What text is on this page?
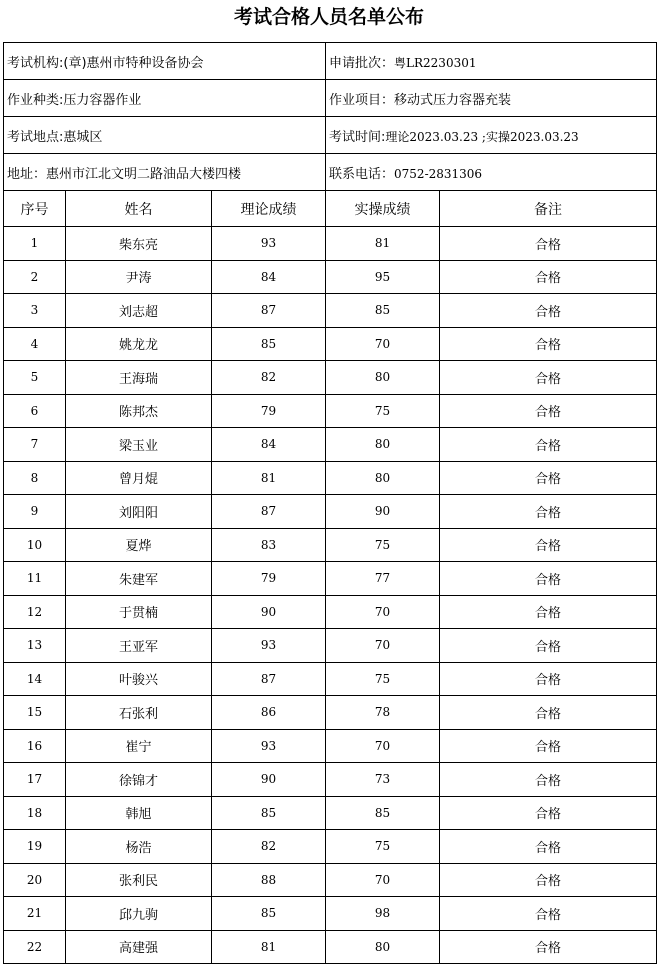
考试合格人员名单公布
考试机构:(章)惠州市特种设备协会			申请批次：粤LR2230301	
作业种类:压力容器作业			作业项目：移动式压力容器充装	
考试地点:惠城区			考试时间:理论2023.03.23 ;实操2023.03.23	
地址：惠州市江北文明二路油品大楼四楼			联系电话：0752-2831306	
序号	姓名	理论成绩	实操成绩	备注
1	柴东亮	93	81	合格
2	尹涛	84	95	合格
3	刘志超	87	85	合格
4	姚龙龙	85	70	合格
5	王海瑞	82	80	合格
6	陈邦杰	79	75	合格
7	梁玉业	84	80	合格
8	曾月焜	81	80	合格
9	刘阳阳	87	90	合格
10	夏烨	83	75	合格
11	朱建军	79	77	合格
12	于贯楠	90	70	合格
13	王亚军	93	70	合格
14	叶骏兴	87	75	合格
15	石张利	86	78	合格
16	崔宁	93	70	合格
17	徐锦才	90	73	合格
18	韩旭	85	85	合格
19	杨浩	82	75	合格
20	张利民	88	70	合格
21	邱九驹	85	98	合格
22	高建强	81	80	合格
